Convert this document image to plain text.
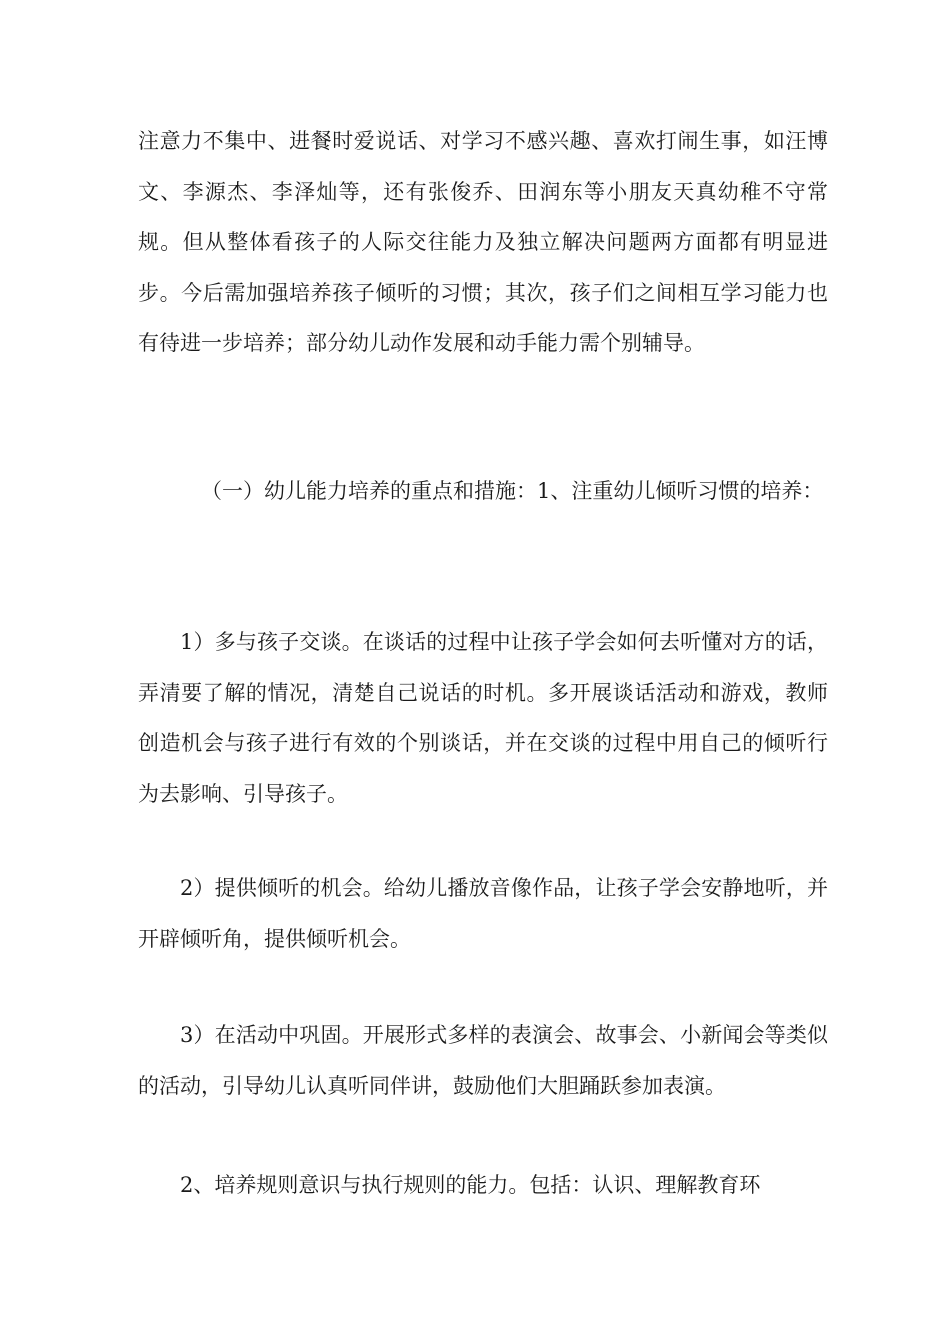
注意力不集中、进餐时爱说话、对学习不感兴趣、喜欢打闹生事，如汪博文、李源杰、李泽灿等，还有张俊乔、田润东等小朋友天真幼稚不守常规。但从整体看孩子的人际交往能力及独立解决问题两方面都有明显进步。今后需加强培养孩子倾听的习惯；其次，孩子们之间相互学习能力也有待进一步培养；部分幼儿动作发展和动手能力需个别辅导。

（一）幼儿能力培养的重点和措施：1、注重幼儿倾听习惯的培养：

1）多与孩子交谈。在谈话的过程中让孩子学会如何去听懂对方的话，弄清要了解的情况，清楚自己说话的时机。多开展谈话活动和游戏，教师创造机会与孩子进行有效的个别谈话，并在交谈的过程中用自己的倾听行为去影响、引导孩子。

2）提供倾听的机会。给幼儿播放音像作品，让孩子学会安静地听，并开辟倾听角，提供倾听机会。

3）在活动中巩固。开展形式多样的表演会、故事会、小新闻会等类似的活动，引导幼儿认真听同伴讲，鼓励他们大胆踊跃参加表演。

2、培养规则意识与执行规则的能力。包括：认识、理解教育环
